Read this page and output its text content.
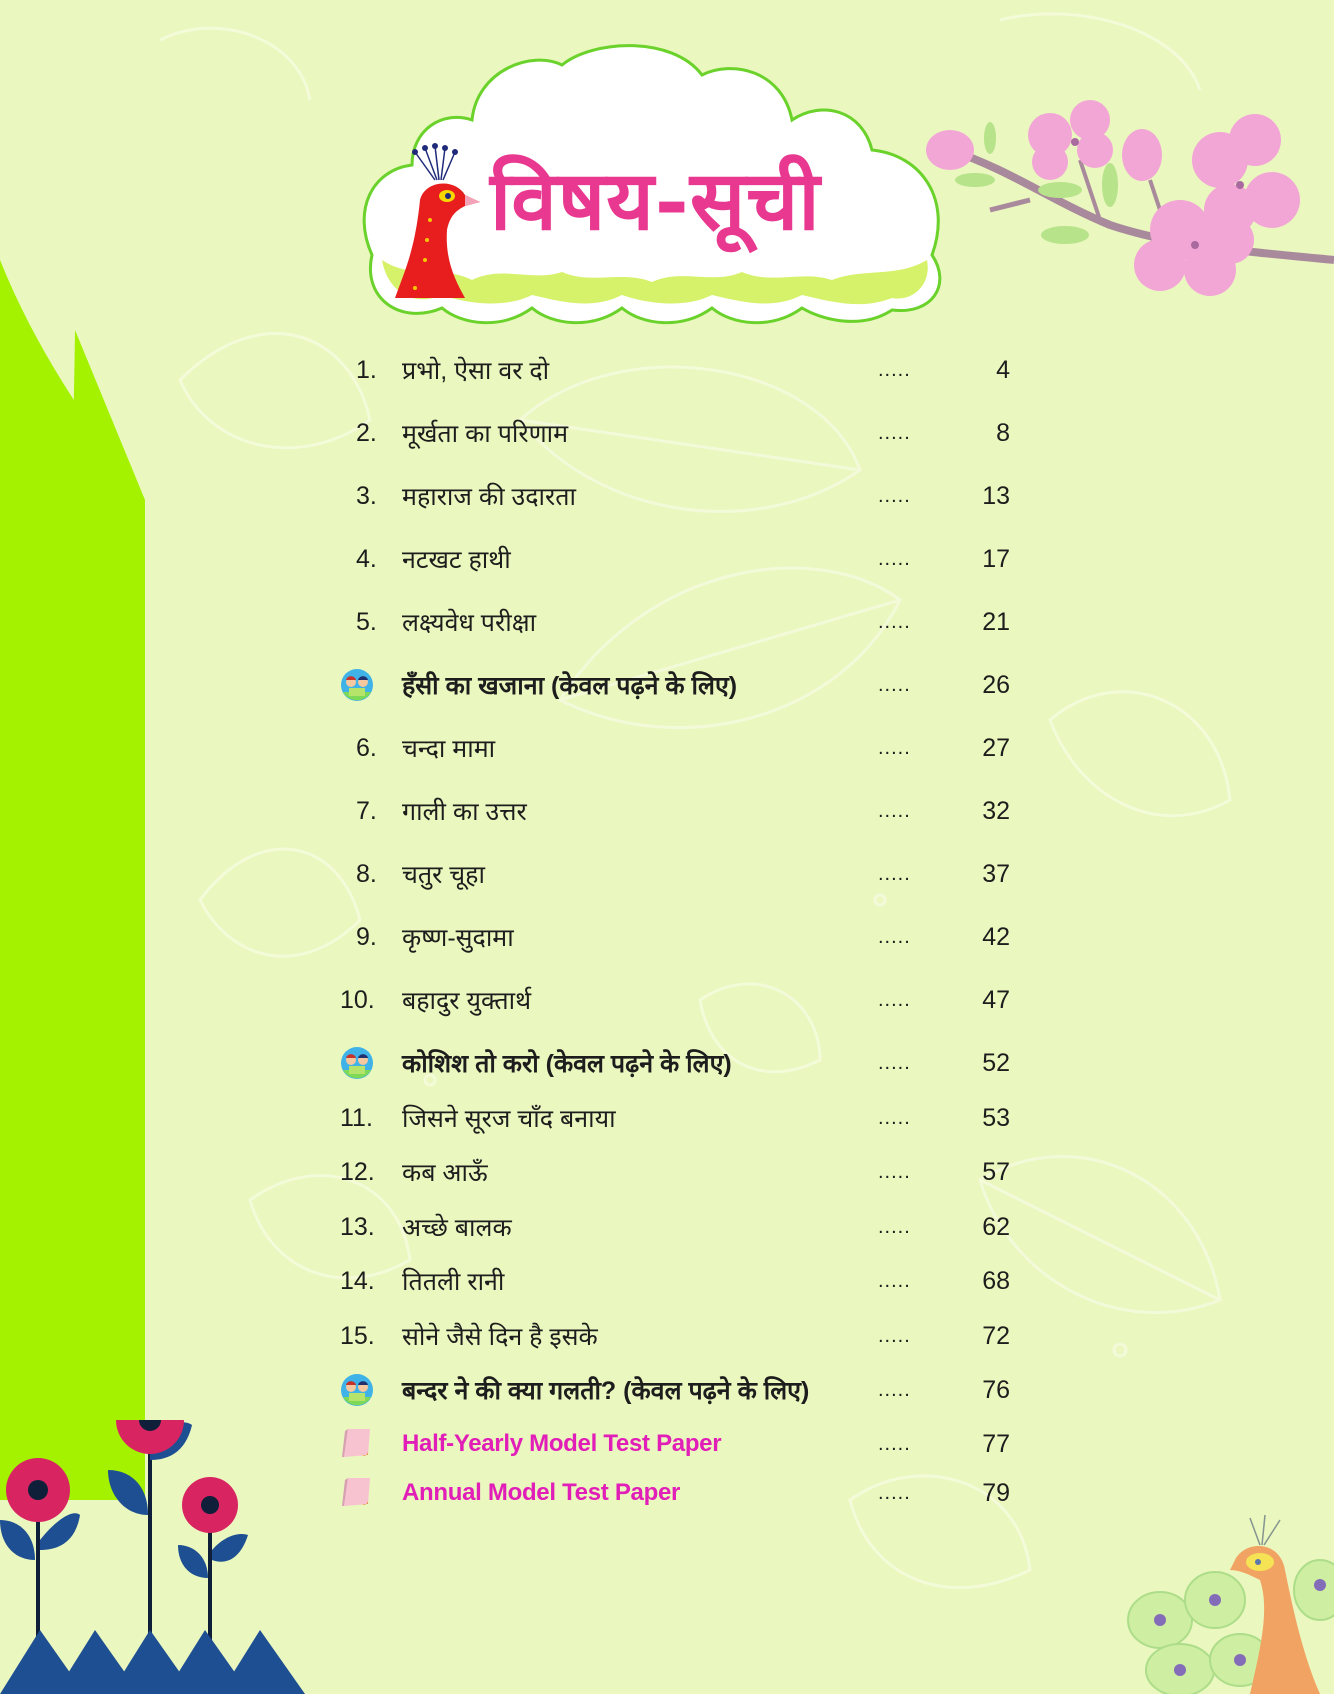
विषय-सूची
1.	प्रभो, ऐसा वर दो	.....	4
2.	मूर्खता का परिणाम	.....	8
3.	महाराज की उदारता	.....	13
4.	नटखट हाथी	.....	17
5.	लक्ष्यवेध परीक्षा	.....	21
हँसी का खजाना (केवल पढ़ने के लिए)	.....	26
6.	चन्दा मामा	.....	27
7.	गाली का उत्तर	.....	32
8.	चतुर चूहा	.....	37
9.	कृष्ण-सुदामा	.....	42
10.	बहादुर युक्तार्थ	.....	47
कोशिश तो करो (केवल पढ़ने के लिए)	.....	52
11.	जिसने सूरज चाँद बनाया	.....	53
12.	कब आऊँ	.....	57
13.	अच्छे बालक	.....	62
14.	तितली रानी	.....	68
15.	सोने जैसे दिन है इसके	.....	72
बन्दर ने की क्या गलती? (केवल पढ़ने के लिए)	.....	76
Half-Yearly Model Test Paper	.....	77
Annual Model Test Paper	.....	79
